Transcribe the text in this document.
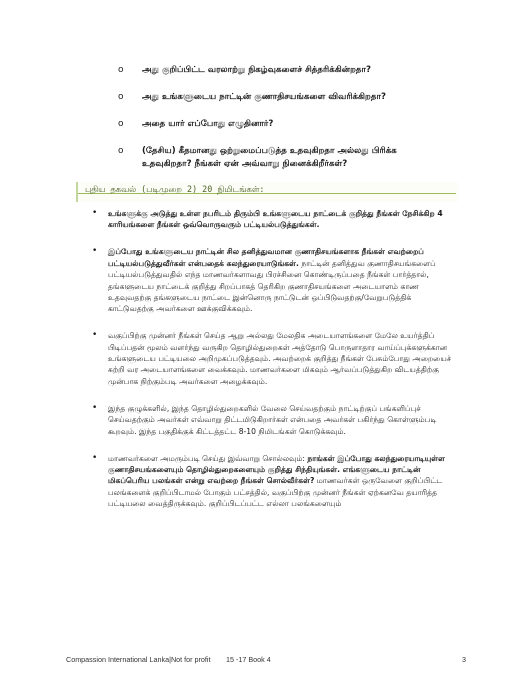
o அது குறிப்பிட்ட வரலாற்று நிகழ்வுகளைச் சித்தரிக்கின்றதா?
o அது உங்களுடைய நாட்டின் குணாதிசயங்களை விவரிக்கிறதா?
o அதை யார் எப்போது எழுதினார்?
o (தேசிய) கீதமானது ஒற்றுமைப்படுத்த உதவுகிறதா அல்லது பிரிக்க உதவுகிறதா? நீங்கள் ஏன் அவ்வாறு நினைக்கிறீர்கள்?
புதிய தகவல் (படிமுறை 2) 20 நிமிடங்கள்:
• உங்களுக்கு அடுத்து உள்ள நபரிடம் திரும்பி உங்களுடைய நாட்டைக் குறித்து நீங்கள் நேசிக்கிற 4 காரியங்களை நீங்கள் ஒவ்வொருவரும் பட்டியல்படுத்துங்கள்.
• இப்போது உங்களுடைய நாட்டின் சில தனித்துவமான குணாதிசயங்களாக நீங்கள் எவற்றைப் பட்டியல்படுத்துவீர்கள் என்பதைக் கலந்துரையாடுங்கள். நாட்டின் தனித்துவ குணாதிசயங்களைப் பட்டியல்படுத்துவதில் எந்த மாணவர்களாவது பிரச்சினை கொண்டிருப்பதை நீங்கள் பார்த்தால், தங்களுடைய நாட்டைக் குறித்து சிறப்பாகத் தெரிகிற குணாதிசயங்களை அடையாளம் காண உதவுவதற்கு தங்களுடைய நாட்டை இன்னொரு நாட்டுடன் ஒப்பிடுவதற்கு/வேறுபடுத்திக் காட்டுவதற்கு அவர்களை ஊக்குவிக்கவும்.
• வகுப்பிற்கு முன்னர் நீங்கள் செய்த ஆறு அல்லது மேலதிக அடையாளங்களை மேலே உயர்த்திப் பிடிப்பதன் மூலம் வளர்ந்து வருகிற தொழில்துறைகள் அத்தோடு பொருளாதார வாய்ப்புக்களுக்கான உங்களுடைய பட்டியலை அறிமுகப்படுத்தவும். அவற்றைக் குறித்து நீங்கள் பேசும்போது அறையைச் சுற்றி வர அடையாளங்களை வைக்கவும். மாணவர்களை மிகவும் ஆர்வப்படுத்துகிற விடயத்திற்கு முன்பாக நிற்கும்படி அவர்களை அழைக்கவும்.
• இந்த குழுக்களில், இந்த தொழில்துறைகளில் வேலை செய்வதற்கும் நாட்டிற்குப் பங்களிப்புச் செய்வதற்கும் அவர்கள் எவ்வாறு திட்டமிடுகிறார்கள் என்பதை அவர்கள் பகிர்ந்து கொள்ளும்படி கூறவும். இந்த பகுதிக்குக் கிட்டத்தட்ட 8-10 நிமிடங்கள் கொடுக்கவும்.
• மாணவர்களை அமரும்படி செய்து இவ்வாறு சொல்லவும்: நாங்கள் இப்போது கலந்துரையாடியுள்ள குணாதிசயங்களையும் தொழில்துறைகளையும் குறித்து சிந்தியுங்கள். எங்களுடைய நாட்டின் மிகப்பெரிய பலங்கள் என்று எவற்றை நீங்கள் சொல்வீர்கள்? மாணவர்கள் ஒருவேளை குறிப்பிட்ட பலங்களைக் குறிப்பிடாமல் போகும் பட்சத்தில், வகுப்பிற்கு முன்னர் நீங்கள் ஏற்கனவே தயாரித்த பட்டியலை வைத்திருக்கவும். குறிப்பிடப்பட்ட எல்லா பலங்களையும்
Compassion International Lanka|Not for profit 15 -17 Book 4	3
